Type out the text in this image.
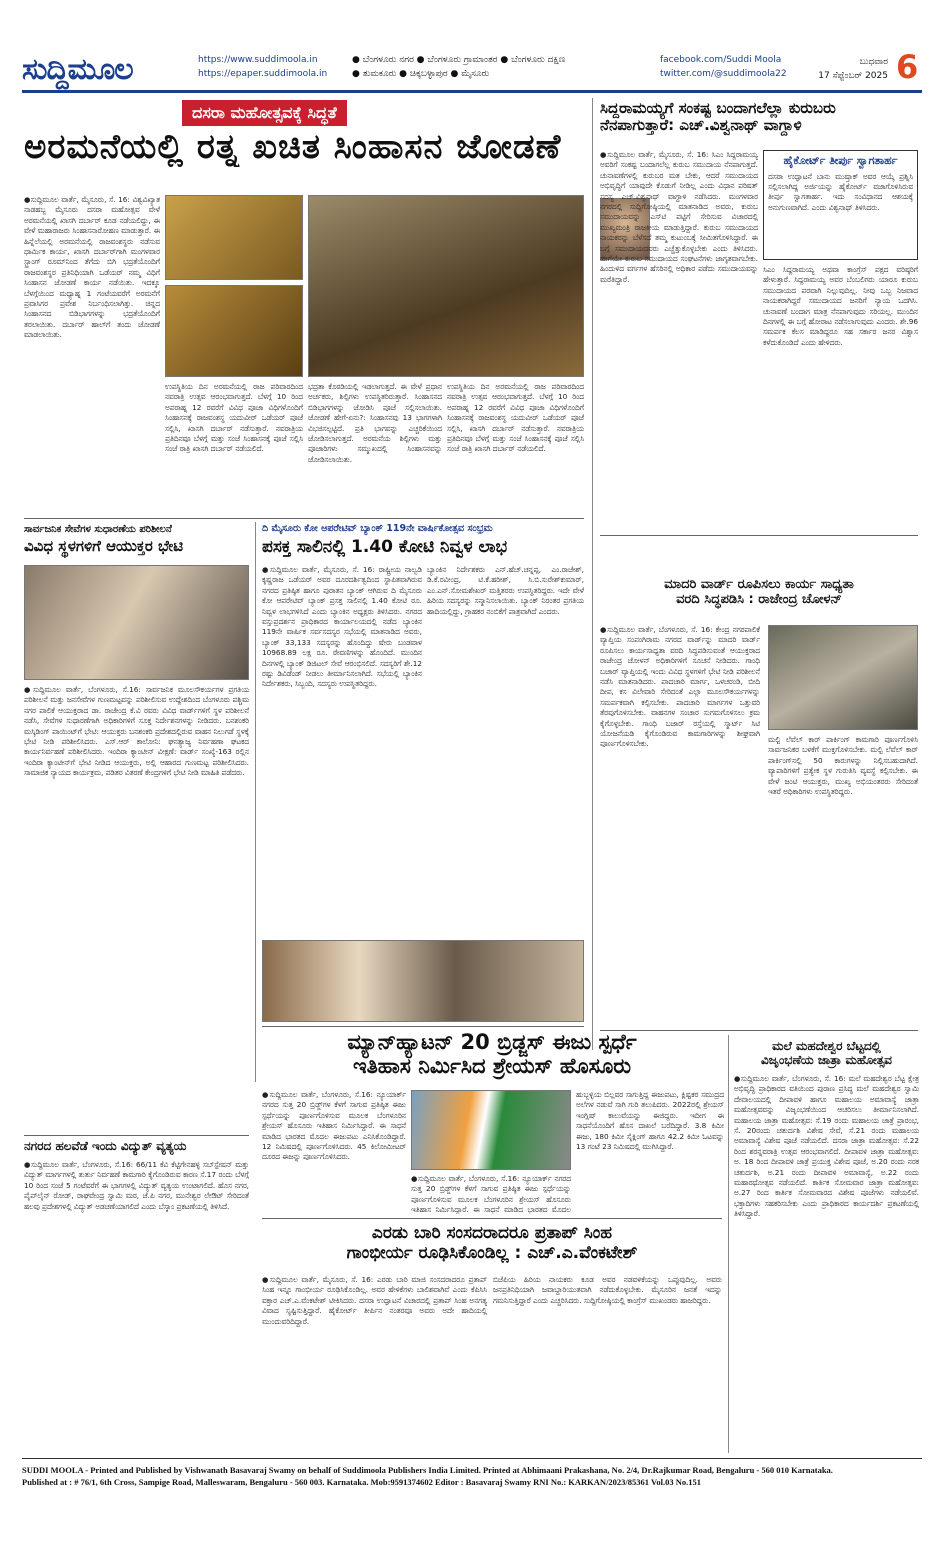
ಸುದ್ದಿಮೂಲ	https://www.suddimoola.in
https://epaper.suddimoola.in
● ಬೆಂಗಳೂರು ನಗರ ● ಬೆಂಗಳೂರು ಗ್ರಾಮಾಂತರ ● ಬೆಂಗಳೂರು ದಕ್ಷಿಣ
● ತುಮಕೂರು ● ಚಿಕ್ಕಬಳ್ಳಾಪುರ ● ಮೈಸೂರು
facebook.com/Suddi Moola
twitter.com/@suddimoola22
ಬುಧವಾರ
17 ಸೆಪ್ಟೆಂಬರ್ 2025 6
ದಸರಾ ಮಹೋತ್ಸವಕ್ಕೆ ಸಿದ್ಧತೆ
ಅರಮನೆಯಲ್ಲಿ ರತ್ನ ಖಚಿತ ಸಿಂಹಾಸನ ಜೋಡಣೆ
●ಸುದ್ದಿಮೂಲ ವಾರ್ತೆ, ಮೈಸೂರು, ಸೆ. 16: ವಿಶ್ವವಿಖ್ಯಾತ ನಾಡಹಬ್ಬ ಮೈಸೂರು ದಸರಾ ಮಹೋತ್ಸವ ವೇಳೆ ಅರಮನೆಯಲ್ಲಿ ಖಾಸಗಿ ದರ್ಬಾರ್ ಕೂಡ ನಡೆಯಲಿದ್ದು, ಈ ವೇಳೆ ಮಹಾರಾಜರು ಸಿಂಹಾಸನಾರೋಹಣ ಮಾಡುತ್ತಾರೆ. ಈ ಹಿನ್ನೆಲೆಯಲ್ಲಿ ಅರಮನೆಯಲ್ಲಿ ರಾಜವಂಶಸ್ಥರು ನಡೆಸುವ ಧಾರ್ಮಿಕ ಕಾರ್ಯ, ಖಾಸಗಿ ದರ್ಬಾರ್‌ಗಾಗಿ ಮಂಗಳವಾರ ಸ್ಟ್ರಾಂಗ್ ರೂಮ್‌ನಿಂದ ತೆಗೆದು ಬಿಗಿ ಭದ್ರತೆಯೊಂದಿಗೆ ರಾಜವಂಶಸ್ಥರ ಪ್ರತಿನಿಧಿಯಾಗಿ ಒಡೆಯರ್ ನಮ್ಮ ವಿಧಿಗೆ ಸಿಂಹಾಸನ ಜೋಡಣೆ ಕಾರ್ಯ ನಡೆಯಿತು. ಇದಕ್ಕೂ ಬೆಳಗ್ಗೆಯಿಂದ ಮಧ್ಯಾಹ್ನ 1 ಗಂಟೆಯವರೆಗೆ ಅರಮನೆಗೆ ಪ್ರವಾಸಿಗರ ಪ್ರವೇಶ ನಿರ್ಬಂಧಿಸಲಾಗಿತ್ತು. ಚಿನ್ನದ ಸಿಂಹಾಸನದ ಬಿಡಿಭಾಗಗಳನ್ನು ಭದ್ರತೆಯೊಂದಿಗೆ ತರಲಾಯಿತು. ದರ್ಬಾರ್ ಹಾಲ್‌ಗೆ ತಂದು ಜೋಡಣೆ ಮಾಡಲಾಯಿತು.
ಉಪಸ್ಥಿತಿಯ ದಿನ ಅರಮನೆಯಲ್ಲಿ ರಾಜ ಪರಿವಾರದಿಂದ ನವರಾತ್ರಿ ಉತ್ಸವ ಆರಂಭವಾಗುತ್ತದೆ. ಬೆಳಗ್ಗೆ 10 ರಿಂದ ಅಪರಾಹ್ನ 12 ರವರೆಗೆ ವಿವಿಧ ಪೂಜಾ ವಿಧಿಗಳೊಂದಿಗೆ ಸಿಂಹಾಸನಕ್ಕೆ ರಾಜವಂಶಸ್ಥ ಯದುವೀರ್ ಒಡೆಯರ್ ಪೂಜೆ ಸಲ್ಲಿಸಿ, ಖಾಸಗಿ ದರ್ಬಾರ್ ನಡೆಸುತ್ತಾರೆ. ನವರಾತ್ರಿಯ ಪ್ರತಿದಿನವೂ ಬೆಳಗ್ಗೆ ಮತ್ತು ಸಂಜೆ ಸಿಂಹಾಸನಕ್ಕೆ ಪೂಜೆ ಸಲ್ಲಿಸಿ ಸಂಜೆ ರಾತ್ರಿ ಖಾಸಗಿ ದರ್ಬಾರ್ ನಡೆಯಲಿದೆ.
ಭದ್ರತಾ ಕೊಠಡಿಯಲ್ಲಿ ಇಡಲಾಗುತ್ತದೆ. ಈ ವೇಳೆ ಪ್ರಧಾನ ಅರ್ಚಕರು, ಶಿಲ್ಪಿಗಳು ಉಪಸ್ಥಿತರಿರುತ್ತಾರೆ. ಸಿಂಹಾಸನದ ಬಿಡಿಭಾಗಗಳನ್ನು ಜೋಡಿಸಿ ಪೂಜೆ ಸಲ್ಲಿಸಲಾಯಿತು. ಜೋಡಣೆ ಹೇಗೆ-ಏನು?: ಸಿಂಹಾಸನವು 13 ಭಾಗಗಳಾಗಿ ವಿಭಜಿಸಲ್ಪಟ್ಟಿದೆ. ಪ್ರತಿ ಭಾಗವನ್ನು ಎಚ್ಚರಿಕೆಯಿಂದ ಜೋಡಿಸಲಾಗುತ್ತದೆ. ಅರಮನೆಯ ಶಿಲ್ಪಿಗಳು ಮತ್ತು ಪೂಜಾರಿಗಳು ಸಮ್ಮುಖದಲ್ಲಿ ಸಿಂಹಾಸನವನ್ನು ಜೋಡಿಸಲಾಯಿತು.
ಉಪಸ್ಥಿತಿಯ ದಿನ ಅರಮನೆಯಲ್ಲಿ ರಾಜ ಪರಿವಾರದಿಂದ ನವರಾತ್ರಿ ಉತ್ಸವ ಆರಂಭವಾಗುತ್ತದೆ. ಬೆಳಗ್ಗೆ 10 ರಿಂದ ಅಪರಾಹ್ನ 12 ರವರೆಗೆ ವಿವಿಧ ಪೂಜಾ ವಿಧಿಗಳೊಂದಿಗೆ ಸಿಂಹಾಸನಕ್ಕೆ ರಾಜವಂಶಸ್ಥ ಯದುವೀರ್ ಒಡೆಯರ್ ಪೂಜೆ ಸಲ್ಲಿಸಿ, ಖಾಸಗಿ ದರ್ಬಾರ್ ನಡೆಸುತ್ತಾರೆ. ನವರಾತ್ರಿಯ ಪ್ರತಿದಿನವೂ ಬೆಳಗ್ಗೆ ಮತ್ತು ಸಂಜೆ ಸಿಂಹಾಸನಕ್ಕೆ ಪೂಜೆ ಸಲ್ಲಿಸಿ ಸಂಜೆ ರಾತ್ರಿ ಖಾಸಗಿ ದರ್ಬಾರ್ ನಡೆಯಲಿದೆ.
ಸಿದ್ದರಾಮಯ್ಯಗೆ ಸಂಕಷ್ಟ ಬಂದಾಗಲೆಲ್ಲಾ ಕುರುಬರು
ನೆನಪಾಗುತ್ತಾರೆ: ಎಚ್.ವಿಶ್ವನಾಥ್ ವಾಗ್ದಾಳಿ
●ಸುದ್ದಿಮೂಲ ವಾರ್ತೆ, ಮೈಸೂರು, ಸೆ. 16: ಸಿಎಂ ಸಿದ್ದರಾಮಯ್ಯ ಅವರಿಗೆ ಸಂಕಷ್ಟ ಬಂದಾಗಲೆಲ್ಲ ಕುರುಬ ಸಮುದಾಯ ನೆನಪಾಗುತ್ತದೆ. ಚುನಾವಣೆಗಳಲ್ಲಿ ಕುರುಬರ ಮತ ಬೇಕು, ಆದರೆ ಸಮುದಾಯದ ಅಭಿವೃದ್ಧಿಗೆ ಯಾವುದೇ ಕೊಡುಗೆ ನೀಡಿಲ್ಲ ಎಂದು ವಿಧಾನ ಪರಿಷತ್ ಸದಸ್ಯ ಎಚ್.ವಿಶ್ವನಾಥ್ ವಾಗ್ದಾಳಿ ನಡೆಸಿದರು. ಮಂಗಳವಾರ ನಗರದಲ್ಲಿ ಸುದ್ದಿಗೋಷ್ಠಿಯಲ್ಲಿ ಮಾತನಾಡಿದ ಅವರು, ಕುರುಬ ಸಮುದಾಯವನ್ನು ಎಸ್‌ಟಿ ಪಟ್ಟಿಗೆ ಸೇರಿಸುವ ವಿಚಾರದಲ್ಲಿ ಮುಖ್ಯಮಂತ್ರಿ ರಾಜಕೀಯ ಮಾಡುತ್ತಿದ್ದಾರೆ. ಕುರುಬ ಸಮುದಾಯದ ನಾಯಕರನ್ನು ಬೆಳೆಸದೆ ತಮ್ಮ ಕುಟುಂಬಕ್ಕೆ ಸೀಮಿತಗೊಳಿಸಿದ್ದಾರೆ. ಈ ಬಗ್ಗೆ ಸಮುದಾಯದವರು ಎಚ್ಚೆತ್ತುಕೊಳ್ಳಬೇಕು ಎಂದು ತಿಳಿಸಿದರು. ಹಾಗೆಯೇ ಕುರುಬ ಸಮುದಾಯದ ಸಂಘಟನೆಗಳು ಜಾಗೃತವಾಗಬೇಕು. ಹಿಂದುಳಿದ ವರ್ಗಗಳ ಹೆಸರಿನಲ್ಲಿ ಅಧಿಕಾರ ಪಡೆದು ಸಮುದಾಯವನ್ನು ಮರೆತಿದ್ದಾರೆ.
ಹೈಕೋರ್ಟ್ ತೀರ್ಪು ಸ್ವಾಗತಾರ್ಹ
ದಸರಾ ಉದ್ಘಾಟನೆ ಬಾನು ಮುಷ್ತಾಕ್ ಅವರ ಆಯ್ಕೆ ಪ್ರಶ್ನಿಸಿ ಸಲ್ಲಿಸಲಾಗಿದ್ದ ಅರ್ಜಿಯನ್ನು ಹೈಕೋರ್ಟ್ ವಜಾಗೊಳಿಸಿರುವ ತೀರ್ಪು ಸ್ವಾಗತಾರ್ಹ. ಇದು ಸಂವಿಧಾನದ ಆಶಯಕ್ಕೆ ಅನುಗುಣವಾಗಿದೆ. ಎಂದು ವಿಶ್ವನಾಥ್ ತಿಳಿಸಿದರು.
ಸಿಎಂ ಸಿದ್ದರಾಮಯ್ಯ ಅಥವಾ ಕಾಂಗ್ರೆಸ್ ಪಕ್ಷದ ವರಿಷ್ಠರಿಗೆ ಹೇಳುತ್ತಾರೆ. ಸಿದ್ದರಾಮಯ್ಯ ಅವರ ಬೆಂಬಲಿಗರು ಯಾರೂ ಕುರುಬ ಸಮುದಾಯದ ಪರವಾಗಿ ನಿಲ್ಲುವುದಿಲ್ಲ. ನೀವು ಒಬ್ಬ ನಿಜವಾದ ನಾಯಕರಾಗಿದ್ದರೆ ಸಮುದಾಯದ ಜನರಿಗೆ ನ್ಯಾಯ ಒದಗಿಸಿ. ಚುನಾವಣೆ ಬಂದಾಗ ಮಾತ್ರ ನೆನಪಾಗುವುದು ಸರಿಯಲ್ಲ. ಮುಂದಿನ ದಿನಗಳಲ್ಲಿ ಈ ಬಗ್ಗೆ ಹೋರಾಟ ನಡೆಸಲಾಗುವುದು ಎಂದರು. ಶೇ.96 ಸಮರ್ಪಕ ಕೆಲಸ ಮಾಡಿದ್ದರೂ ಸಹ ಸರ್ಕಾರ ಜನರ ವಿಶ್ವಾಸ ಕಳೆದುಕೊಂಡಿದೆ ಎಂದು ಹೇಳಿದರು.
ಸಾರ್ವಜನಿಕ ಸೇವೆಗಳ ಸುಧಾರಣೆಯ ಪರಿಶೀಲನೆ
ವಿವಿಧ ಸ್ಥಳಗಳಿಗೆ ಆಯುಕ್ತರ ಭೇಟಿ
●ಸುದ್ದಿಮೂಲ ವಾರ್ತೆ, ಬೆಂಗಳೂರು, ಸೆ.16: ಸಾರ್ವಜನಿಕ ಮೂಲಸೌಕರ್ಯಗಳ ಪ್ರಗತಿಯ ಪರಿಶೀಲನೆ ಮತ್ತು ಜನಸೇವೆಗಳ ಗುಣಮಟ್ಟವನ್ನು ಪರಿಶೀಲಿಸುವ ಉದ್ದೇಶದಿಂದ ಬೆಂಗಳೂರು ಪಶ್ಚಿಮ ನಗರ ಪಾಲಿಕೆ ಆಯುಕ್ತರಾದ ಡಾ. ರಾಜೇಂದ್ರ ಕೆ.ವಿ ರವರು ವಿವಿಧ ವಾರ್ಡ್‌ಗಳಿಗೆ ಸ್ಥಳ ಪರಿಶೀಲನೆ ನಡೆಸಿ, ಸೇವೆಗಳ ಸುಧಾರಣೆಗಾಗಿ ಅಧಿಕಾರಿಗಳಿಗೆ ಸೂಕ್ತ ನಿರ್ದೇಶನಗಳನ್ನು ನೀಡಿದರು. ಬನಶಂಕರಿ ಮಸ್ಕಿಡಿಂಗ್ ಪಾಯಿಂಟ್‌ಗೆ ಭೇಟಿ: ಆಯುಕ್ತರು ಬನಶಂಕರಿ ಪ್ರದೇಶದಲ್ಲಿರುವ ವಾಹನ ನಿಲುಗಡೆ ಸ್ಥಳಕ್ಕೆ ಭೇಟಿ ನೀಡಿ ಪರಿಶೀಲಿಸಿದರು. ಎಸ್.ಆರ್ ಕಾಲೋನಿ: ಘನತ್ಯಾಜ್ಯ ನಿರ್ವಹಣಾ ಘಟಕದ ಕಾರ್ಯನಿರ್ವಹಣೆ ಪರಿಶೀಲಿಸಿದರು. ಇಂದಿರಾ ಕ್ಯಾಂಟೀನ್ ವೀಕ್ಷಣೆ: ವಾರ್ಡ್ ಸಂಖ್ಯೆ-163 ರಲ್ಲಿನ ಇಂದಿರಾ ಕ್ಯಾಂಟೀನ್‌ಗೆ ಭೇಟಿ ನೀಡಿದ ಆಯುಕ್ತರು, ಅಲ್ಲಿ ಆಹಾರದ ಗುಣಮಟ್ಟ ಪರಿಶೀಲಿಸಿದರು. ಸಾಮಾಜಿಕ ನ್ಯಾಯದ ಕಾರ್ಯಕ್ರಮ, ಪಡಿತರ ವಿತರಣೆ ಕೇಂದ್ರಗಳಿಗೆ ಭೇಟಿ ನೀಡಿ ಮಾಹಿತಿ ಪಡೆದರು.
ನಗರದ ಹಲವೆಡೆ ಇಂದು ವಿದ್ಯುತ್ ವ್ಯತ್ಯಯ
●ಸುದ್ದಿಮೂಲ ವಾರ್ತೆ, ಬೆಂಗಳೂರು, ಸೆ.16: 66/11 ಕೆವಿ ಕೆಟ್ಟಿಗೇನಹಳ್ಳಿ ಸಬ್‌ಸ್ಟೇಷನ್ ಮತ್ತು ವಿದ್ಯುತ್ ಮಾರ್ಗಗಳಲ್ಲಿ ತುರ್ತು ನಿರ್ವಹಣೆ ಕಾಮಗಾರಿ ಕೈಗೊಂಡಿರುವ ಕಾರಣ ಸೆ.17 ರಂದು ಬೆಳಗ್ಗೆ 10 ರಿಂದ ಸಂಜೆ 5 ಗಂಟೆವರೆಗೆ ಈ ಭಾಗಗಳಲ್ಲಿ ವಿದ್ಯುತ್ ವ್ಯತ್ಯಯ ಉಂಟಾಗಲಿದೆ. ಹೊಸ ನಗರ, ಪೈಪ್‌ಲೈನ್ ರೋಡ್, ರಾಘವೇಂದ್ರ ಸ್ವಾಮಿ ಮಠ, ಜೆ.ಪಿ ನಗರ, ಮುನೇಶ್ವರ ಲೇಔಟ್ ಸೇರಿದಂತೆ ಹಲವು ಪ್ರದೇಶಗಳಲ್ಲಿ ವಿದ್ಯುತ್ ಅಡಚಣೆಯಾಗಲಿದೆ ಎಂದು ಬೆಸ್ಕಾಂ ಪ್ರಕಟಣೆಯಲ್ಲಿ ತಿಳಿಸಿದೆ.
ದಿ ಮೈಸೂರು ಕೋ ಆಪರೇಟಿವ್ ಬ್ಯಾಂಕ್ 119ನೇ ವಾರ್ಷಿಕೋತ್ಸವ ಸಂಭ್ರಮ
ಪಸಕ್ತ ಸಾಲಿನಲ್ಲಿ 1.40 ಕೋಟಿ ನಿವ್ವಳ ಲಾಭ
●ಸುದ್ದಿಮೂಲ ವಾರ್ತೆ, ಮೈಸೂರು, ಸೆ. 16: ರಾಷ್ಟ್ರೀಯ ನಾಲ್ವಡಿ ಕೃಷ್ಣರಾಜ ಒಡೆಯರ್ ಅವರ ದೂರದರ್ಶಿತ್ವದಿಂದ ಸ್ಥಾಪಿತವಾಗಿರುವ ನಗರದ ಪ್ರತಿಷ್ಠಿತ ಹಾಗೂ ಪುರಾತನ ಬ್ಯಾಂಕ್ ಆಗಿರುವ ದಿ ಮೈಸೂರು ಕೋ ಆಪರೇಟಿವ್ ಬ್ಯಾಂಕ್ ಪ್ರಸಕ್ತ ಸಾಲಿನಲ್ಲಿ 1.40 ಕೋಟಿ ರೂ. ನಿವ್ವಳ ಲಾಭಗಳಿಸಿದೆ ಎಂದು ಬ್ಯಾಂಕಿನ ಅಧ್ಯಕ್ಷರು ತಿಳಿಸಿದರು. ನಗರದ ವಸ್ತುಪ್ರದರ್ಶನ ಪ್ರಾಧಿಕಾರದ ಕಾರ್ಯಾಲಯದಲ್ಲಿ ನಡೆದ ಬ್ಯಾಂಕಿನ 119ನೇ ವಾರ್ಷಿಕ ಸರ್ವಸದಸ್ಯರ ಸಭೆಯಲ್ಲಿ ಮಾತನಾಡಿದ ಅವರು, ಬ್ಯಾಂಕ್ 33,133 ಸದಸ್ಯರನ್ನು ಹೊಂದಿದ್ದು ಷೇರು ಬಂಡವಾಳ 10968.89 ಲಕ್ಷ ರೂ. ಠೇವಣಿಗಳನ್ನು ಹೊಂದಿದೆ. ಮುಂದಿನ ದಿನಗಳಲ್ಲಿ ಬ್ಯಾಂಕ್ ಡಿಜಿಟಲ್ ಸೇವೆ ಆರಂಭಿಸಲಿದೆ. ಸದಸ್ಯರಿಗೆ ಶೇ.12 ರಷ್ಟು ಡಿವಿಡೆಂಡ್ ನೀಡಲು ತೀರ್ಮಾನಿಸಲಾಗಿದೆ. ಸಭೆಯಲ್ಲಿ ಬ್ಯಾಂಕಿನ ನಿರ್ದೇಶಕರು, ಸಿಬ್ಬಂದಿ, ಸದಸ್ಯರು ಉಪಸ್ಥಿತರಿದ್ದರು.
ಬ್ಯಾಂಕಿನ ನಿರ್ದೇಶಕರು ಎನ್.ಹೆಚ್.ಚನ್ನಪ್ಪ, ಎಂ.ರಾಜೇಶ್, ಡಿ.ಕೆ.ರವೀಂದ್ರ, ಟಿ.ಕೆ.ಹರೀಶ್, ಸಿ.ಬಿ.ಸುರೇಶ್‌ಕುಮಾರ್, ಎಂ.ಎನ್.ಸೋಮಶೇಖರ್ ಮತ್ತಿತರರು ಉಪಸ್ಥಿತರಿದ್ದರು. ಇದೇ ವೇಳೆ ಹಿರಿಯ ಸದಸ್ಯರನ್ನು ಸನ್ಮಾನಿಸಲಾಯಿತು. ಬ್ಯಾಂಕ್ ನಿರಂತರ ಪ್ರಗತಿಯ ಹಾದಿಯಲ್ಲಿದ್ದು, ಗ್ರಾಹಕರ ನಂಬಿಕೆಗೆ ಪಾತ್ರವಾಗಿದೆ ಎಂದರು.
ಮಾದರಿ ವಾರ್ಡ್ ರೂಪಿಸಲು ಕಾರ್ಯ ಸಾಧ್ಯತಾ
ವರದಿ ಸಿದ್ಧಪಡಿಸಿ : ರಾಜೇಂದ್ರ ಚೋಳನ್
●ಸುದ್ದಿಮೂಲ ವಾರ್ತೆ, ಬೆಂಗಳೂರು, ಸೆ. 16: ಕೇಂದ್ರ ನಗರಪಾಲಿಕೆ ವ್ಯಾಪ್ತಿಯ ಸಂಪಂಗಿರಾಮ ನಗರದ ವಾರ್ಡ್‌ನ್ನು ಮಾದರಿ ವಾರ್ಡ್ ರೂಪಿಸಲು ಕಾರ್ಯಸಾಧ್ಯತಾ ವರದಿ ಸಿದ್ಧಪಡಿಸುವಂತೆ ಆಯುಕ್ತರಾದ ರಾಜೇಂದ್ರ ಚೋಳನ್ ಅಧಿಕಾರಿಗಳಿಗೆ ಸೂಚನೆ ನೀಡಿದರು. ಗಾಂಧಿ ಬಜಾರ್ ವ್ಯಾಪ್ತಿಯಲ್ಲಿ ಇಂದು ವಿವಿಧ ಸ್ಥಳಗಳಿಗೆ ಭೇಟಿ ನೀಡಿ ಪರಿಶೀಲನೆ ನಡೆಸಿ ಮಾತನಾಡಿದರು. ಪಾದಚಾರಿ ಮಾರ್ಗ, ಒಳಚರಂಡಿ, ಬೀದಿ ದೀಪ, ಕಸ ವಿಲೇವಾರಿ ಸೇರಿದಂತೆ ಎಲ್ಲಾ ಮೂಲಸೌಕರ್ಯಗಳನ್ನು ಸಮರ್ಪಕವಾಗಿ ಕಲ್ಪಿಸಬೇಕು. ಪಾದಚಾರಿ ಮಾರ್ಗಗಳ ಒತ್ತುವರಿ ತೆರವುಗೊಳಿಸಬೇಕು. ವಾಹನಗಳ ಸಂಚಾರ ಸುಗಮಗೊಳಿಸಲು ಕ್ರಮ ಕೈಗೊಳ್ಳಬೇಕು. ಗಾಂಧಿ ಬಜಾರ್ ರಸ್ತೆಯಲ್ಲಿ ಸ್ಮಾರ್ಟ್ ಸಿಟಿ ಯೋಜನೆಯಡಿ ಕೈಗೊಂಡಿರುವ ಕಾಮಗಾರಿಗಳನ್ನು ಶೀಘ್ರವಾಗಿ ಪೂರ್ಣಗೊಳಿಸಬೇಕು.	ಮಲ್ಟಿ ಲೆವೆಲ್ ಕಾರ್ ಪಾರ್ಕಿಂಗ್ ಕಾಮಗಾರಿ ಪೂರ್ಣಗೊಳಿಸಿ ಸಾರ್ವಜನಿಕರ ಬಳಕೆಗೆ ಮುಕ್ತಗೊಳಿಸಬೇಕು. ಮಲ್ಟಿ ಲೆವೆಲ್ ಕಾರ್ ಪಾರ್ಕಿಂಗ್‌ನಲ್ಲಿ 50 ಕಾರುಗಳನ್ನು ನಿಲ್ಲಿಸಬಹುದಾಗಿದೆ. ವ್ಯಾಪಾರಿಗಳಿಗೆ ಪ್ರತ್ಯೇಕ ಸ್ಥಳ ಗುರುತಿಸಿ ವ್ಯವಸ್ಥೆ ಕಲ್ಪಿಸಬೇಕು. ಈ ವೇಳೆ ಜಂಟಿ ಆಯುಕ್ತರು, ಮುಖ್ಯ ಅಭಿಯಂತರರು ಸೇರಿದಂತೆ ಇತರೆ ಅಧಿಕಾರಿಗಳು ಉಪಸ್ಥಿತರಿದ್ದರು.
ಮ್ಯಾನ್‌ಹ್ಯಾಟನ್ 20 ಬ್ರಿಡ್ಜಸ್ ಈಜು ಸ್ಪರ್ಧೆ
ಇತಿಹಾಸ ನಿರ್ಮಿಸಿದ ಶ್ರೇಯಸ್ ಹೊಸೂರು
●ಸುದ್ದಿಮೂಲ ವಾರ್ತೆ, ಬೆಂಗಳೂರು, ಸೆ.16: ನ್ಯೂಯಾರ್ಕ್ ನಗರದ ಸುತ್ತ 20 ಬ್ರಿಡ್ಜ್‌ಗಳ ಕೆಳಗೆ ಸಾಗುವ ಪ್ರತಿಷ್ಠಿತ ಈಜು ಸ್ಪರ್ಧೆಯನ್ನು ಪೂರ್ಣಗೊಳಿಸುವ ಮೂಲಕ ಬೆಂಗಳೂರಿನ ಶ್ರೇಯಸ್ ಹೊಸೂರು ಇತಿಹಾಸ ನಿರ್ಮಿಸಿದ್ದಾರೆ. ಈ ಸಾಧನೆ ಮಾಡಿದ ಭಾರತದ ಮೊದಲ ಈಜುಪಟು ಎನಿಸಿಕೊಂಡಿದ್ದಾರೆ. 12 ನಿಮಿಷದಲ್ಲಿ ಪೂರ್ಣಗೊಳಿಸಿದರು. 45 ಕಿಲೋಮೀಟರ್ ದೂರದ ಈಜನ್ನು ಪೂರ್ಣಗೊಳಿಸಿದರು.
●ಸುದ್ದಿಮೂಲ ವಾರ್ತೆ, ಬೆಂಗಳೂರು, ಸೆ.16: ನ್ಯೂಯಾರ್ಕ್ ನಗರದ ಸುತ್ತ 20 ಬ್ರಿಡ್ಜ್‌ಗಳ ಕೆಳಗೆ ಸಾಗುವ ಪ್ರತಿಷ್ಠಿತ ಈಜು ಸ್ಪರ್ಧೆಯನ್ನು ಪೂರ್ಣಗೊಳಿಸುವ ಮೂಲಕ ಬೆಂಗಳೂರಿನ ಶ್ರೇಯಸ್ ಹೊಸೂರು ಇತಿಹಾಸ ನಿರ್ಮಿಸಿದ್ದಾರೆ. ಈ ಸಾಧನೆ ಮಾಡಿದ ಭಾರತದ ಮೊದಲ
ಹುಬ್ಬಳ್ಳಿಯ ಬಿಲ್ಲವರ ಸಾಗುತ್ತಿದ್ದ ಈಜುಪಟು, ಕ್ಲಿಷ್ಟಕರ ಸಮುದ್ರದ ಅಲೆಗಳ ನಡುವೆ ಸಾಗಿ ಗುರಿ ತಲುಪಿದರು. 2022ರಲ್ಲಿ ಶ್ರೇಯಸ್ ಇಂಗ್ಲಿಷ್ ಕಾಲುವೆಯನ್ನು ಈಜಿದ್ದರು. ಇದೀಗ ಈ ಸಾಧನೆಯೊಂದಿಗೆ ಹೊಸ ದಾಖಲೆ ಬರೆದಿದ್ದಾರೆ. 3.8 ಕಿಮೀ ಈಜು, 180 ಕಿಮೀ ಸೈಕ್ಲಿಂಗ್ ಹಾಗೂ 42.2 ಕಿಮೀ ಓಟವನ್ನು 13 ಗಂಟೆ 23 ನಿಮಿಷದಲ್ಲಿ ಮುಗಿಸಿದ್ದಾರೆ.
ಎರಡು ಬಾರಿ ಸಂಸದರಾದರೂ ಪ್ರತಾಪ್ ಸಿಂಹ
ಗಾಂಭೀರ್ಯ ರೂಢಿಸಿಕೊಂಡಿಲ್ಲ : ಎಚ್.ಎ.ವೆಂಕಟೇಶ್
●ಸುದ್ದಿಮೂಲ ವಾರ್ತೆ, ಮೈಸೂರು, ಸೆ. 16: ಎರಡು ಬಾರಿ ಮಾಜಿ ಸಂಸದರಾದರೂ ಪ್ರತಾಪ್ ಸಿಂಹ ಇನ್ನೂ ಗಾಂಭೀರ್ಯ ರೂಢಿಸಿಕೊಂಡಿಲ್ಲ. ಅವರ ಹೇಳಿಕೆಗಳು ಬಾಲಿಶವಾಗಿವೆ ಎಂದು ಕೆಪಿಸಿಸಿ ವಕ್ತಾರ ಎಚ್.ಎ.ವೆಂಕಟೇಶ್ ಟೀಕಿಸಿದರು. ದಸರಾ ಉದ್ಘಾಟನೆ ವಿಚಾರದಲ್ಲಿ ಪ್ರತಾಪ್ ಸಿಂಹ ಅನಗತ್ಯ ವಿವಾದ ಸೃಷ್ಟಿಸುತ್ತಿದ್ದಾರೆ. ಹೈಕೋರ್ಟ್ ತೀರ್ಪಿನ ನಂತರವೂ ಅವರು ಅದೇ ಹಾದಿಯಲ್ಲಿ ಮುಂದುವರಿದಿದ್ದಾರೆ.
ಬಿಜೆಪಿಯ ಹಿರಿಯ ನಾಯಕರು ಕೂಡ ಅವರ ನಡವಳಿಕೆಯನ್ನು ಒಪ್ಪುವುದಿಲ್ಲ. ಅವರು ಜನಪ್ರತಿನಿಧಿಯಾಗಿ ಜವಾಬ್ದಾರಿಯುತವಾಗಿ ನಡೆದುಕೊಳ್ಳಬೇಕು. ಮೈಸೂರಿನ ಜನತೆ ಇದನ್ನು ಗಮನಿಸುತ್ತಿದ್ದಾರೆ ಎಂದು ಎಚ್ಚರಿಸಿದರು. ಸುದ್ದಿಗೋಷ್ಠಿಯಲ್ಲಿ ಕಾಂಗ್ರೆಸ್ ಮುಖಂಡರು ಹಾಜರಿದ್ದರು.
ಮಲೆ ಮಹದೇಶ್ವರ ಬೆಟ್ಟದಲ್ಲಿ
ವಿಜೃಂಭಣೆಯ ಜಾತ್ರಾ ಮಹೋತ್ಸವ
●ಸುದ್ದಿಮೂಲ ವಾರ್ತೆ, ಬೆಂಗಳೂರು, ಸೆ. 16: ಮಲೆ ಮಹದೇಶ್ವರ ಬೆಟ್ಟ ಕ್ಷೇತ್ರ ಅಭಿವೃದ್ಧಿ ಪ್ರಾಧಿಕಾರದ ವತಿಯಿಂದ ಪುರಾಣ ಪ್ರಸಿದ್ಧ ಮಲೆ ಮಹದೇಶ್ವರ ಸ್ವಾಮಿ ದೇವಾಲಯದಲ್ಲಿ ದೀಪಾವಳಿ ಹಾಗೂ ಮಹಾಲಯ ಅಮಾವಾಸ್ಯೆ ಜಾತ್ರಾ ಮಹೋತ್ಸವವನ್ನು ವಿಜೃಂಭಣೆಯಿಂದ ಆಚರಿಸಲು ತೀರ್ಮಾನಿಸಲಾಗಿದೆ. ಮಹಾಲಯ ಜಾತ್ರಾ ಮಹೋತ್ಸವ: ಸೆ.19 ರಂದು ಮಹಾಲಯ ಜಾತ್ರೆ ಪ್ರಾರಂಭ, ಸೆ. 20ರಂದು ಚತುರ್ದಶಿ ವಿಶೇಷ ಸೇವೆ, ಸೆ.21 ರಂದು ಮಹಾಲಯ ಅಮಾವಾಸ್ಯೆ ವಿಶೇಷ ಪೂಜೆ ನಡೆಯಲಿದೆ. ದಸರಾ ಜಾತ್ರಾ ಮಹೋತ್ಸವ: ಸೆ.22 ರಿಂದ ಶರನ್ನವರಾತ್ರಿ ಉತ್ಸವ ಆರಂಭವಾಗಲಿದೆ. ದೀಪಾವಳಿ ಜಾತ್ರಾ ಮಹೋತ್ಸವ: ಅ. 18 ರಿಂದ ದೀಪಾವಳಿ ಜಾತ್ರೆ ಪ್ರಯುಕ್ತ ವಿಶೇಷ ಪೂಜೆ, ಅ.20 ರಂದು ನರಕ ಚತುರ್ದಶಿ, ಅ.21 ರಂದು ದೀಪಾವಳಿ ಅಮಾವಾಸ್ಯೆ, ಅ.22 ರಂದು ಮಹಾರಥೋತ್ಸವ ನಡೆಯಲಿದೆ. ಕಾರ್ತಿಕ ಸೋಮವಾರ ಜಾತ್ರಾ ಮಹೋತ್ಸವ: ಅ.27 ರಿಂದ ಕಾರ್ತಿಕ ಸೋಮವಾರದ ವಿಶೇಷ ಪೂಜೆಗಳು ನಡೆಯಲಿವೆ. ಭಕ್ತಾದಿಗಳು ಸಹಕರಿಸಬೇಕು ಎಂದು ಪ್ರಾಧಿಕಾರದ ಕಾರ್ಯದರ್ಶಿ ಪ್ರಕಟಣೆಯಲ್ಲಿ ತಿಳಿಸಿದ್ದಾರೆ.
SUDDI MOOLA - Printed and Published by Vishwanath Basavaraj Swamy on behalf of Suddimoola Publishers India Limited. Printed at Abhimaani Prakashana, No. 2/4, Dr.Rajkumar Road, Bengaluru - 560 010 Karnataka.
Published at : # 76/1, 6th Cross, Sampige Road, Malleswaram, Bengaluru - 560 003. Karnataka. Mob:9591374602 Editor : Basavaraj Swamy RNI No.: KARKAN/2023/85361 Vol.03 No.151
